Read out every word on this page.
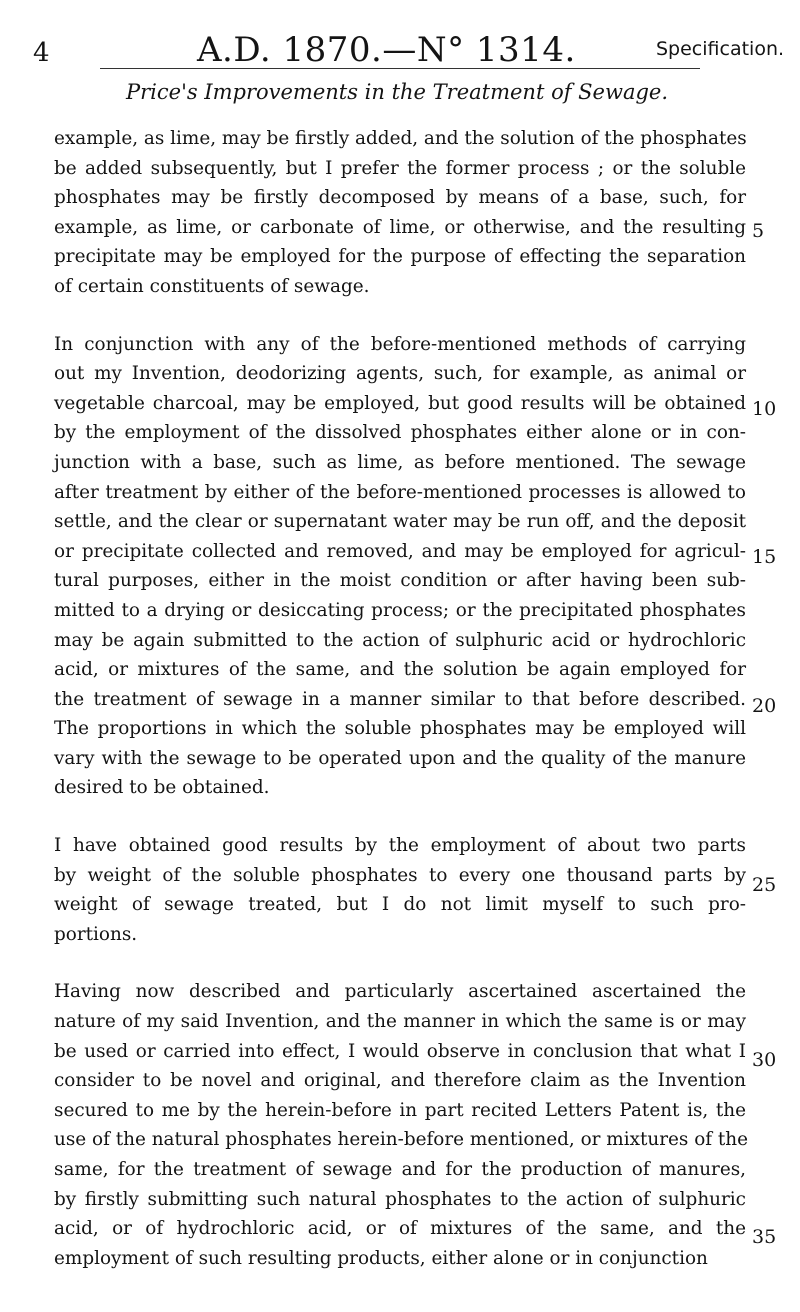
4	A.D. 1870.—N° 1314.	Specification.
Price's Improvements in the Treatment of Sewage.
example, as lime, may be firstly added, and the solution of the phosphates
be added subsequently, but I prefer the former process ; or the soluble
phosphates may be firstly decomposed by means of a base, such, for
example, as lime, or carbonate of lime, or otherwise, and the resulting
precipitate may be employed for the purpose of effecting the separation
of certain constituents of sewage.
In conjunction with any of the before-mentioned methods of carrying
out my Invention, deodorizing agents, such, for example, as animal or
vegetable charcoal, may be employed, but good results will be obtained
by the employment of the dissolved phosphates either alone or in con-
junction with a base, such as lime, as before mentioned. The sewage
after treatment by either of the before-mentioned processes is allowed to
settle, and the clear or supernatant water may be run off, and the deposit
or precipitate collected and removed, and may be employed for agricul-
tural purposes, either in the moist condition or after having been sub-
mitted to a drying or desiccating process; or the precipitated phosphates
may be again submitted to the action of sulphuric acid or hydrochloric
acid, or mixtures of the same, and the solution be again employed for
the treatment of sewage in a manner similar to that before described.
The proportions in which the soluble phosphates may be employed will
vary with the sewage to be operated upon and the quality of the manure
desired to be obtained.
I have obtained good results by the employment of about two parts
by weight of the soluble phosphates to every one thousand parts by
weight of sewage treated, but I do not limit myself to such pro-
portions.
Having now described and particularly ascertained ascertained the
nature of my said Invention, and the manner in which the same is or may
be used or carried into effect, I would observe in conclusion that what I
consider to be novel and original, and therefore claim as the Invention
secured to me by the herein-before in part recited Letters Patent is, the
use of the natural phosphates herein-before mentioned, or mixtures of the
same, for the treatment of sewage and for the production of manures,
by firstly submitting such natural phosphates to the action of sulphuric
acid, or of hydrochloric acid, or of mixtures of the same, and the
employment of such resulting products, either alone or in conjunction
5
10
15
20
25
30
35
